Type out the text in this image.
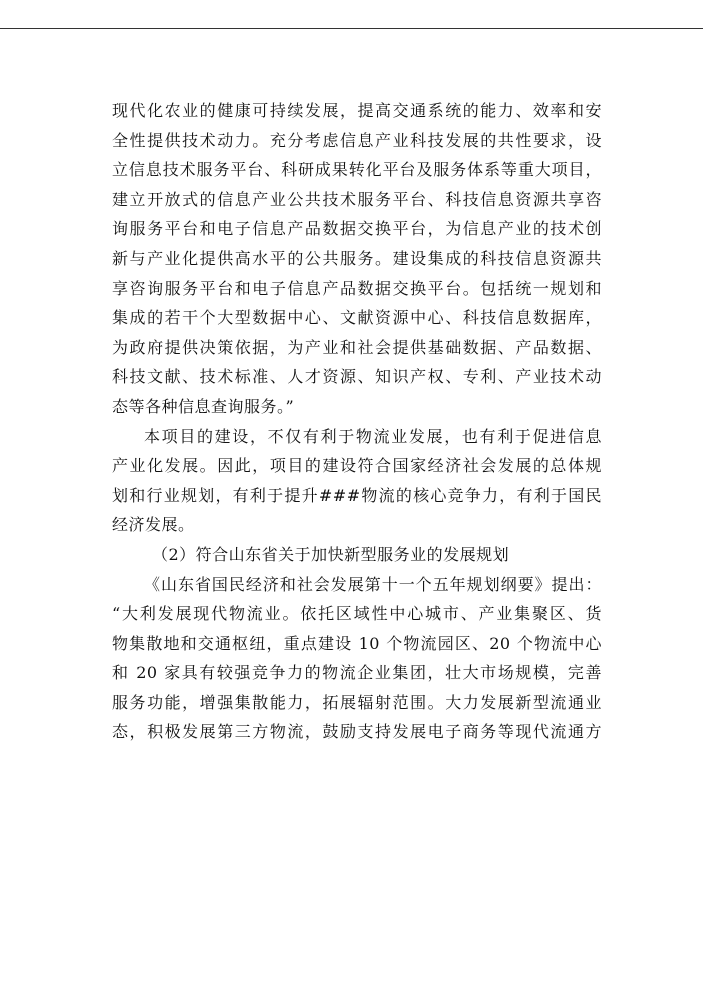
现代化农业的健康可持续发展，提高交通系统的能力、效率和安
全性提供技术动力。充分考虑信息产业科技发展的共性要求，设
立信息技术服务平台、科研成果转化平台及服务体系等重大项目，
建立开放式的信息产业公共技术服务平台、科技信息资源共享咨
询服务平台和电子信息产品数据交换平台，为信息产业的技术创
新与产业化提供高水平的公共服务。建设集成的科技信息资源共
享咨询服务平台和电子信息产品数据交换平台。包括统一规划和
集成的若干个大型数据中心、文献资源中心、科技信息数据库，
为政府提供决策依据，为产业和社会提供基础数据、产品数据、
科技文献、技术标准、人才资源、知识产权、专利、产业技术动
态等各种信息查询服务。”
本项目的建设，不仅有利于物流业发展，也有利于促进信息
产业化发展。因此，项目的建设符合国家经济社会发展的总体规
划和行业规划，有利于提升###物流的核心竞争力，有利于国民
经济发展。
（2）符合山东省关于加快新型服务业的发展规划
《山东省国民经济和社会发展第十一个五年规划纲要》提出：
“大利发展现代物流业。依托区域性中心城市、产业集聚区、货
物集散地和交通枢纽，重点建设 10 个物流园区、20 个物流中心
和 20 家具有较强竞争力的物流企业集团，壮大市场规模，完善
服务功能，增强集散能力，拓展辐射范围。大力发展新型流通业
态，积极发展第三方物流，鼓励支持发展电子商务等现代流通方
